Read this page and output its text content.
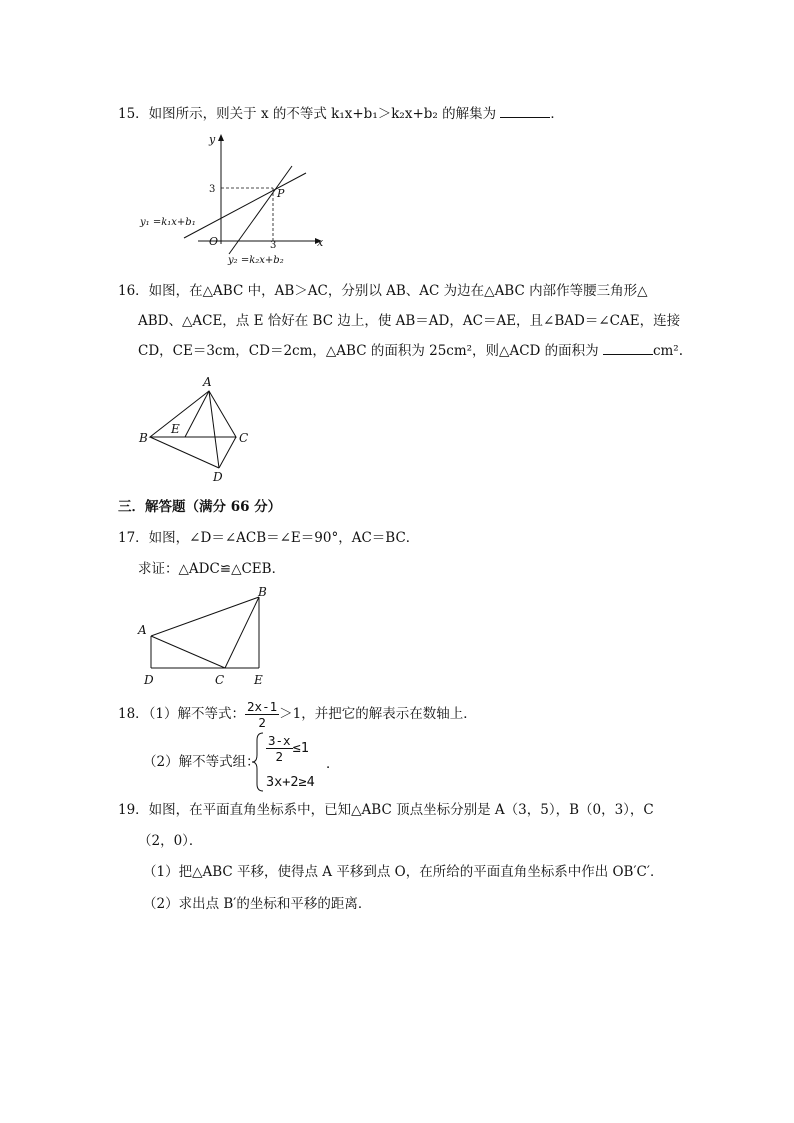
15．如图所示，则关于 x 的不等式 k₁x+b₁＞k₂x+b₂ 的解集为	．
y
x
O	3
3	P
y₁ =k₁x+b₁
y₂ =k₂x+b₂
16．如图，在△ABC 中，AB＞AC，分别以 AB、AC 为边在△ABC 内部作等腰三角形△
ABD、△ACE，点 E 恰好在 BC 边上，使 AB＝AD，AC＝AE，且∠BAD＝∠CAE，连接
CD，CE＝3cm，CD＝2cm，△ABC 的面积为 25cm²，则△ACD 的面积为	cm².
A
B	C
D
E
三．解答题（满分 66 分）
17．如图，∠D＝∠ACB＝∠E＝90°，AC＝BC．
求证：△ADC≌△CEB．
A
B
C
D	E
18．（1）解不等式： $\frac{2x-1}{2} >1$，并把它的解表示在数轴上．
（2）解不等式组： $\frac{3-x}{2} \le 1$
3x+2≥4
．
19．如图，在平面直角坐标系中，已知△ABC 顶点坐标分别是 A（3，5），B（0，3），C
（2，0）．
（1）把△ABC 平移，使得点 A 平移到点 O，在所给的平面直角坐标系中作出 OB′C′．
（2）求出点 B′的坐标和平移的距离．
